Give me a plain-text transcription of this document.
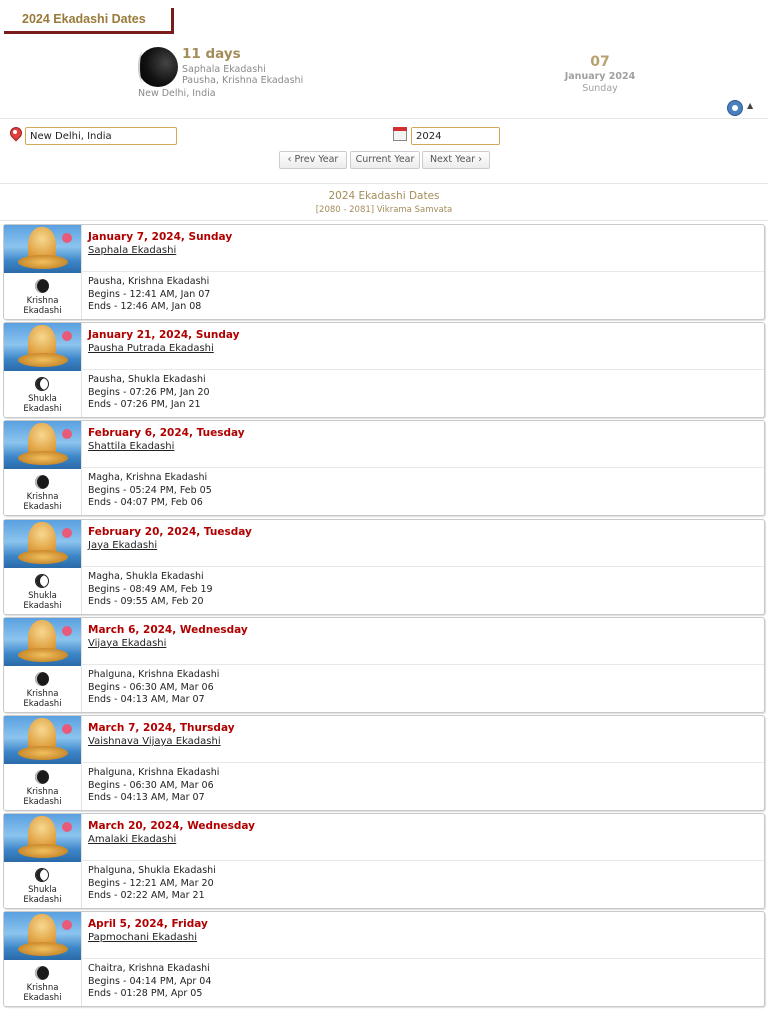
2024 Ekadashi Dates
11 days
Saphala Ekadashi
Pausha, Krishna Ekadashi
New Delhi, India
07
January 2024
Sunday
▲
New Delhi, India
2024
‹ Prev Year	Current Year	Next Year ›
2024 Ekadashi Dates
[2080 - 2081] Vikrama Samvata
January 7, 2024, Sunday
Saphala Ekadashi
Krishna
Ekadashi
Pausha, Krishna Ekadashi
Begins - 12:41 AM, Jan 07
Ends - 12:46 AM, Jan 08
January 21, 2024, Sunday
Pausha Putrada Ekadashi
Shukla
Ekadashi
Pausha, Shukla Ekadashi
Begins - 07:26 PM, Jan 20
Ends - 07:26 PM, Jan 21
February 6, 2024, Tuesday
Shattila Ekadashi
Krishna
Ekadashi
Magha, Krishna Ekadashi
Begins - 05:24 PM, Feb 05
Ends - 04:07 PM, Feb 06
February 20, 2024, Tuesday
Jaya Ekadashi
Shukla
Ekadashi
Magha, Shukla Ekadashi
Begins - 08:49 AM, Feb 19
Ends - 09:55 AM, Feb 20
March 6, 2024, Wednesday
Vijaya Ekadashi
Krishna
Ekadashi
Phalguna, Krishna Ekadashi
Begins - 06:30 AM, Mar 06
Ends - 04:13 AM, Mar 07
March 7, 2024, Thursday
Vaishnava Vijaya Ekadashi
Krishna
Ekadashi
Phalguna, Krishna Ekadashi
Begins - 06:30 AM, Mar 06
Ends - 04:13 AM, Mar 07
March 20, 2024, Wednesday
Amalaki Ekadashi
Shukla
Ekadashi
Phalguna, Shukla Ekadashi
Begins - 12:21 AM, Mar 20
Ends - 02:22 AM, Mar 21
April 5, 2024, Friday
Papmochani Ekadashi
Krishna
Ekadashi
Chaitra, Krishna Ekadashi
Begins - 04:14 PM, Apr 04
Ends - 01:28 PM, Apr 05
